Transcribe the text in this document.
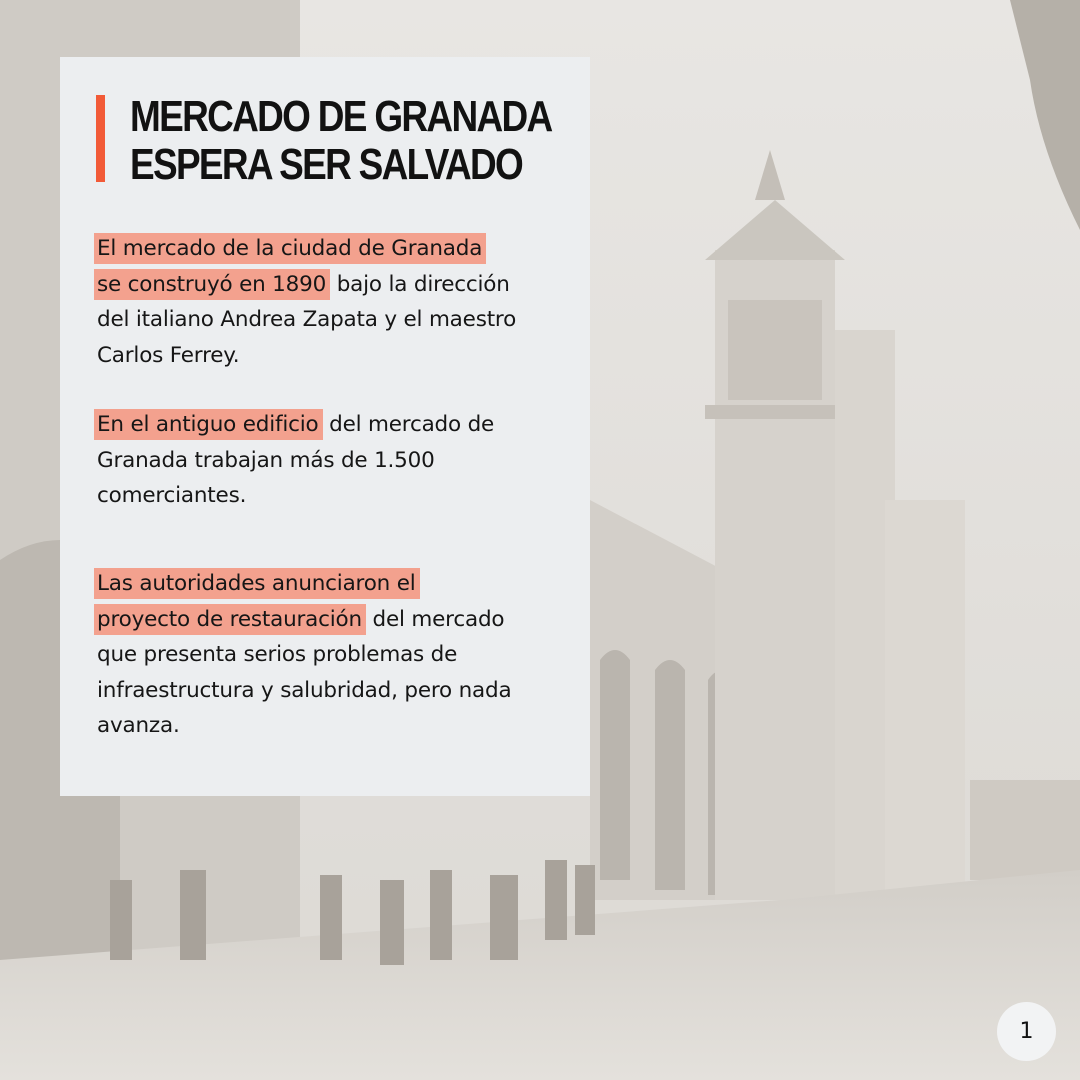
MERCADO DE GRANADA
ESPERA SER SALVADO

El mercado de la ciudad de Granada
se construyó en 1890 bajo la dirección del italiano Andrea Zapata y el maestro Carlos Ferrey.

En el antiguo edificio del mercado de Granada trabajan más de 1.500 comerciantes.

Las autoridades anunciaron el
proyecto de restauración del mercado que presenta serios problemas de infraestructura y salubridad, pero nada avanza.

1
